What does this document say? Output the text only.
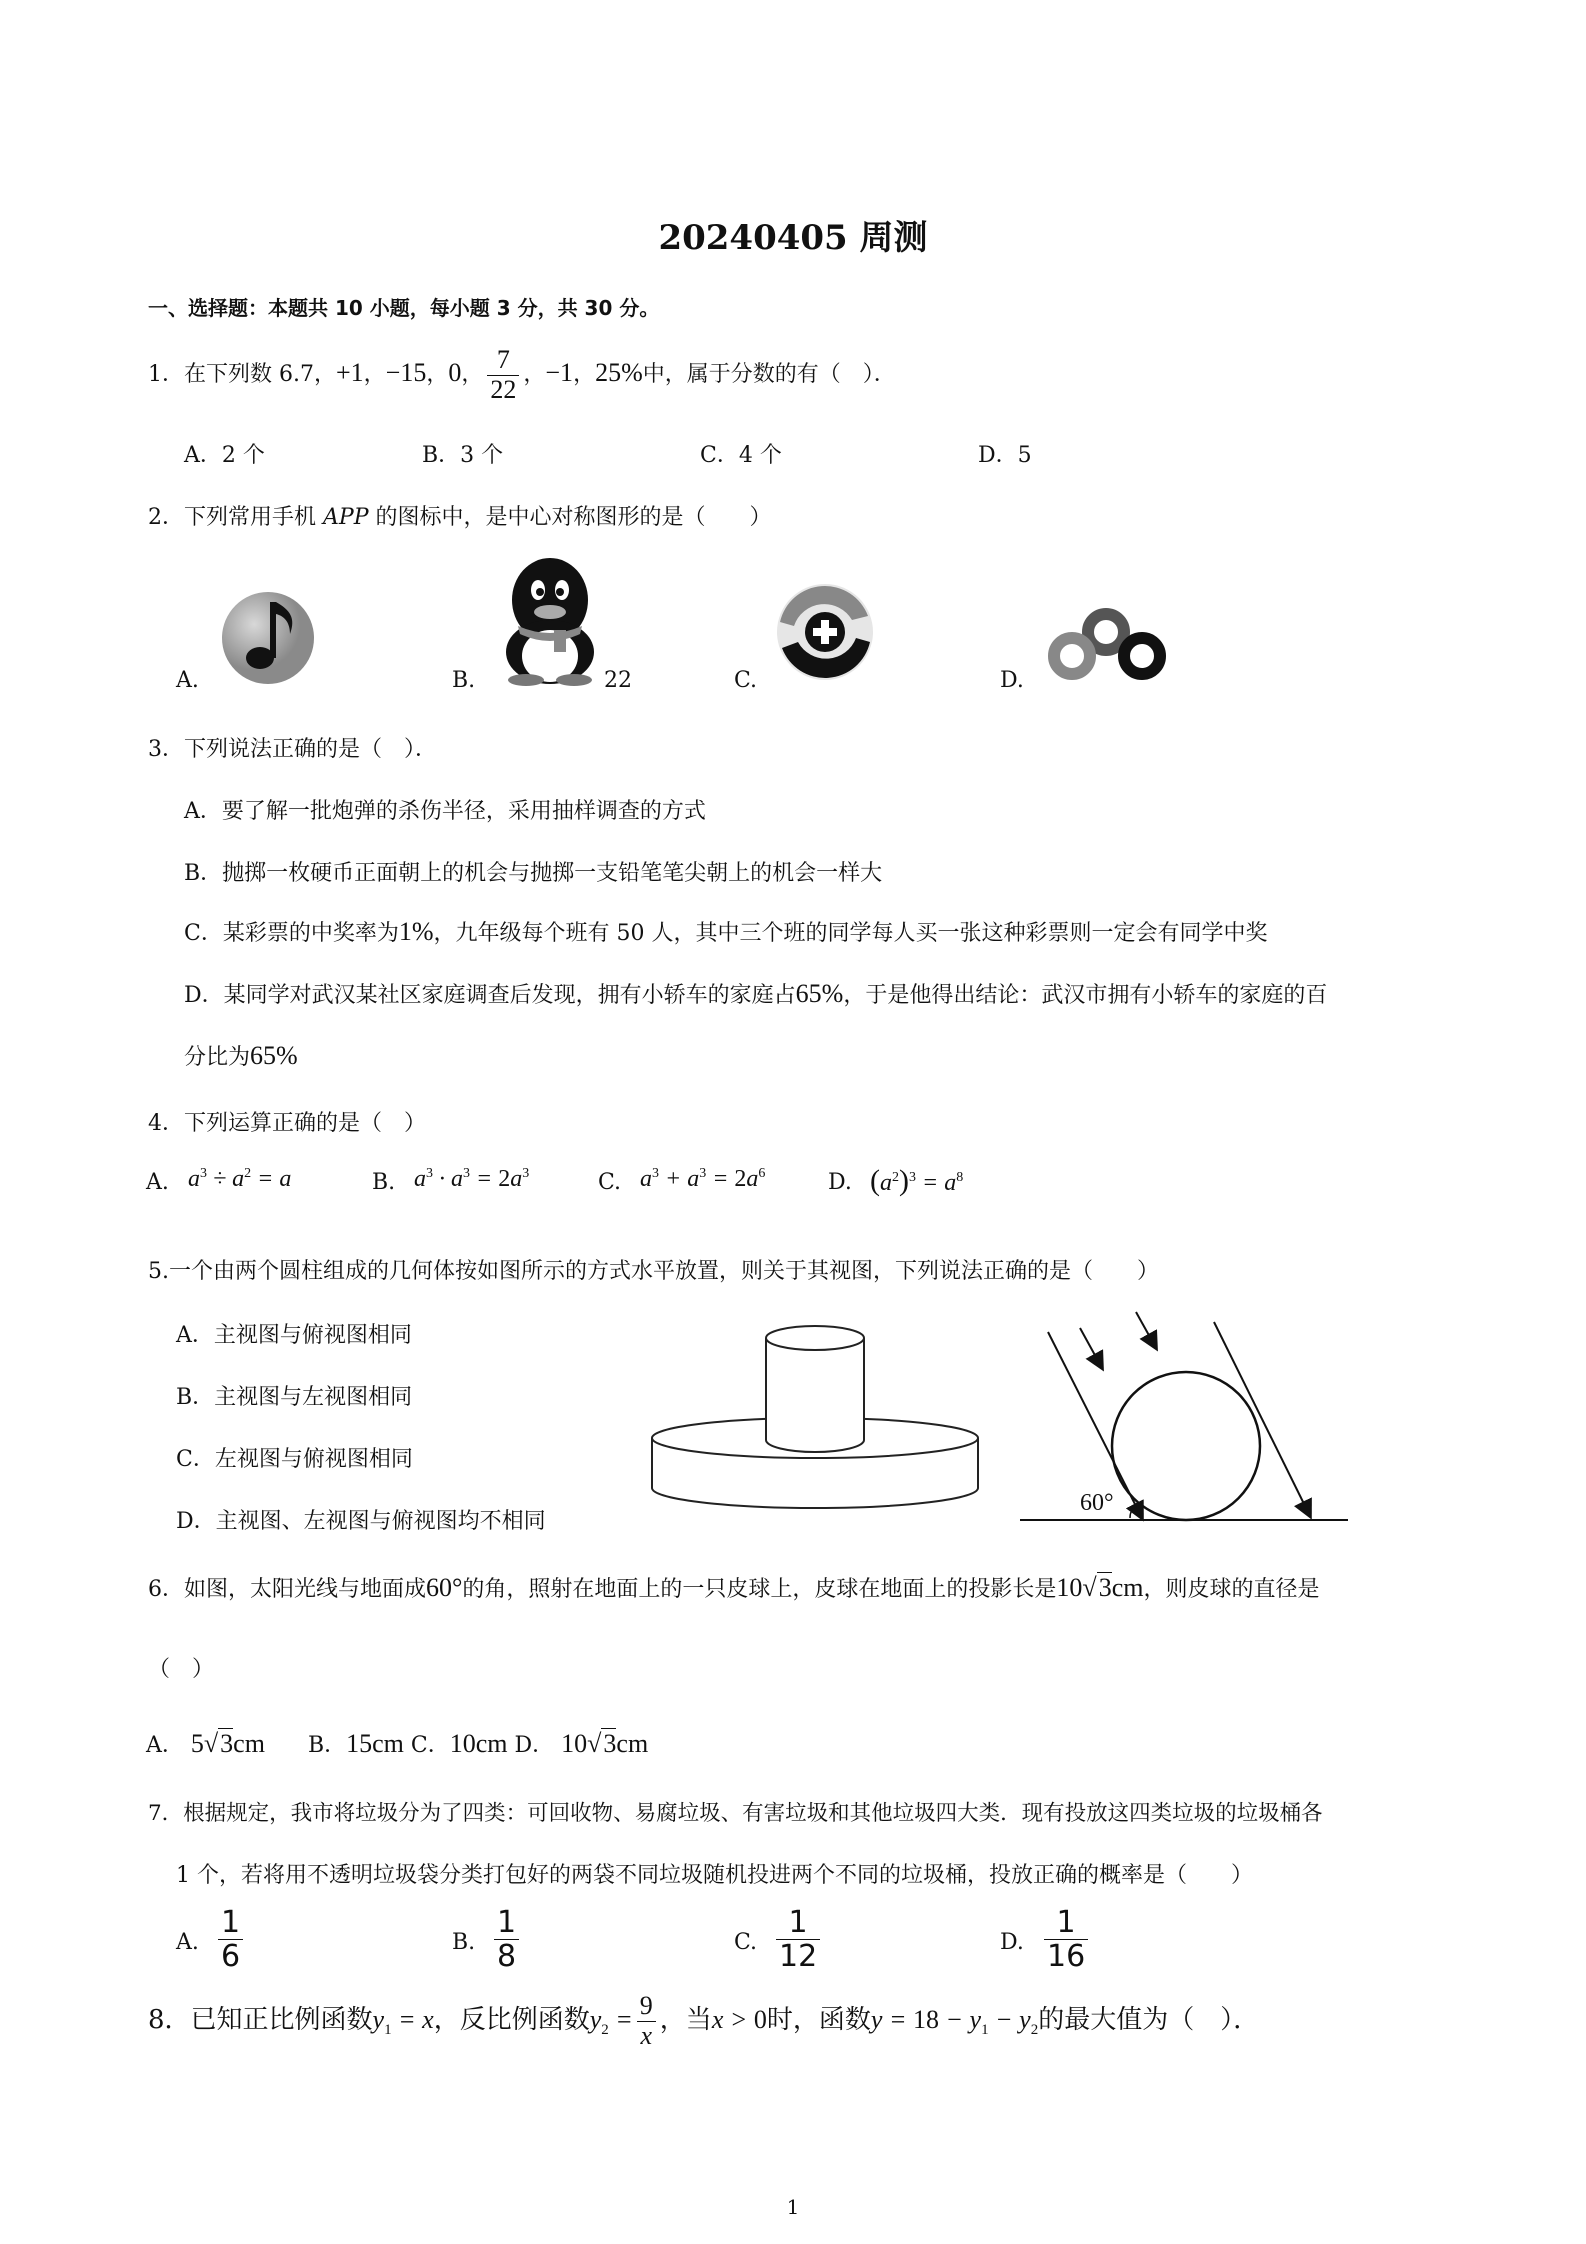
20240405 周测
一、选择题：本题共 10 小题，每小题 3 分，共 30 分。
1．在下列数 6.7，+1，−15，0， $\frac{7}{22}$ ，−1，25%中，属于分数的有（　）．
A．2 个	B．3 个	C．4 个	D．5
2．下列常用手机 APP 的图标中，是中心对称图形的是（　　）
A.	B.	22	C.	D.
3．下列说法正确的是（　）．
A．要了解一批炮弹的杀伤半径，采用抽样调查的方式
B．抛掷一枚硬币正面朝上的机会与抛掷一支铅笔笔尖朝上的机会一样大
C．某彩票的中奖率为1%，九年级每个班有 50 人，其中三个班的同学每人买一张这种彩票则一定会有同学中奖
D．某同学对武汉某社区家庭调查后发现，拥有小轿车的家庭占65%，于是他得出结论：武汉市拥有小轿车的家庭的百
分比为65%
4．下列运算正确的是（　）
A. $a^3 \div a^2 = a$	B. $a^3 \cdot a^3 = 2a^3$	C. $a^3 + a^3 = 2a^6$	D. $(a^2)^3 = a^8$
5.一个由两个圆柱组成的几何体按如图所示的方式水平放置，则关于其视图，下列说法正确的是（　　）
A．主视图与俯视图相同
B．主视图与左视图相同
C．左视图与俯视图相同
D．主视图、左视图与俯视图均不相同
60°
6．如图，太阳光线与地面成60°的角，照射在地面上的一只皮球上，皮球在地面上的投影长是10√3cm，则皮球的直径是
（　）
A． 5√3cm B．15cm C．10cm D． 10√3cm
7．根据规定，我市将垃圾分为了四类：可回收物、易腐垃圾、有害垃圾和其他垃圾四大类．现有投放这四类垃圾的垃圾桶各
1 个，若将用不透明垃圾袋分类打包好的两袋不同垃圾随机投进两个不同的垃圾桶，投放正确的概率是（　　）
A. $\frac{1}{6}$	B. $\frac{1}{8}$	C. $\frac{1}{12}$	D. $\frac{1}{16}$
8．已知正比例函数$y_1 = x$，反比例函数$y_2 = \frac{9}{x}$ ，当x > 0时，函数$y = 18 - y_1 - y_2$的最大值为（　）．
1
